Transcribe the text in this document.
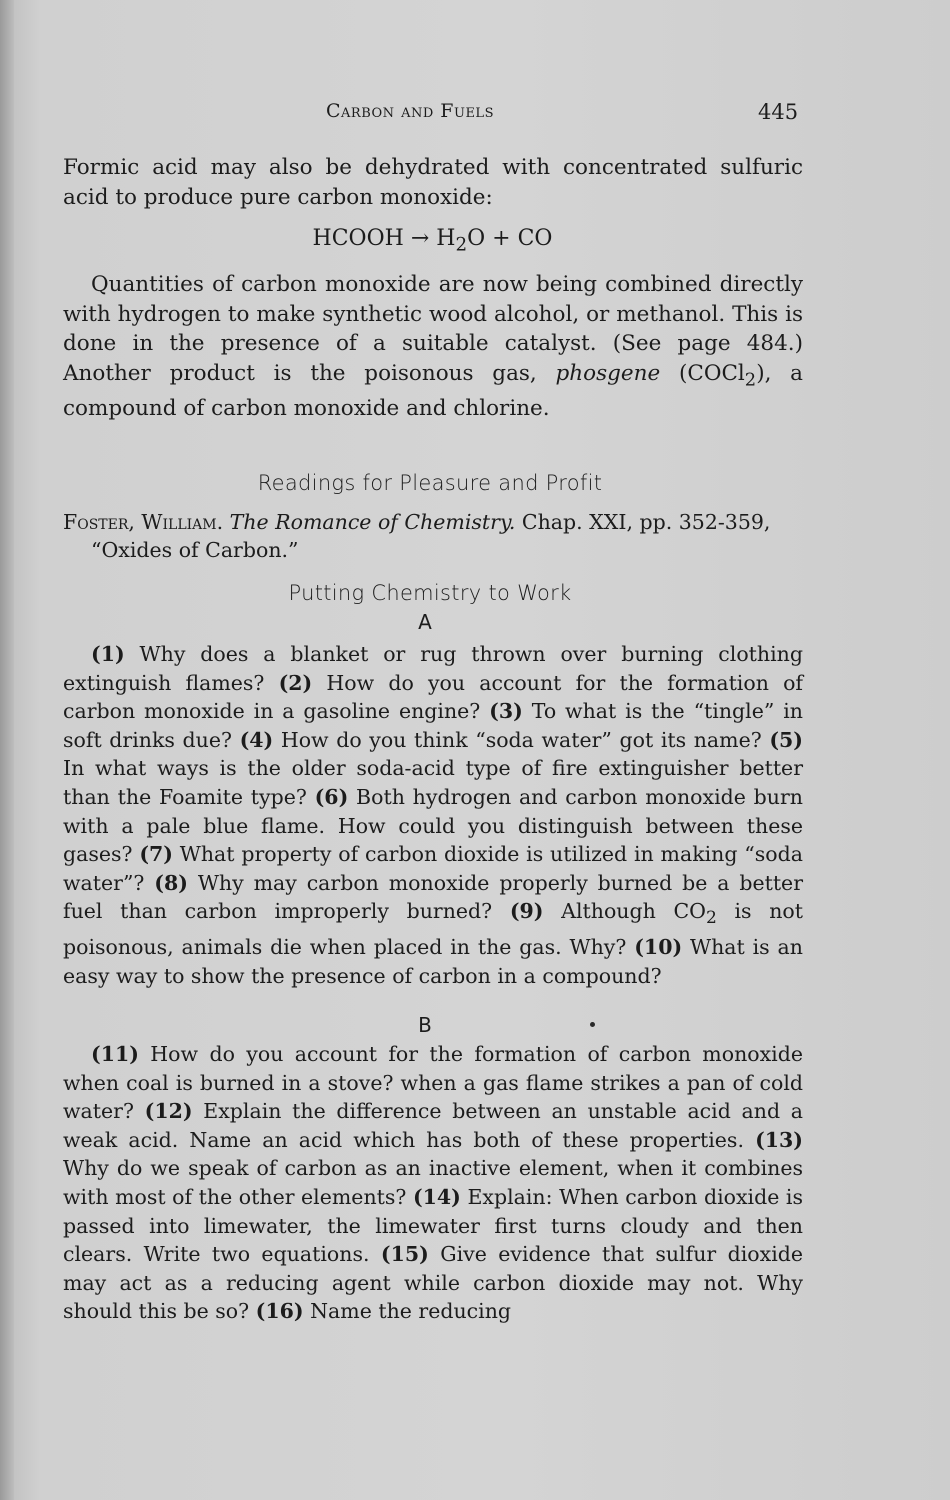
Carbon and Fuels	445
Formic acid may also be dehydrated with concentrated sulfuric acid to produce pure carbon monoxide:
HCOOH → $H_2O$ + CO
Quantities of carbon monoxide are now being combined directly with hydrogen to make synthetic wood alcohol, or methanol. This is done in the presence of a suitable catalyst. (See page 484.) Another product is the poisonous gas, phosgene (COCl$_2$), a compound of carbon monoxide and chlorine.
Readings for Pleasure and Profit
Foster, William. The Romance of Chemistry. Chap. XXI, pp. 352-359, “Oxides of Carbon.”
Putting Chemistry to Work
A
(1) Why does a blanket or rug thrown over burning clothing extinguish flames? (2) How do you account for the formation of carbon monoxide in a gasoline engine? (3) To what is the “tingle” in soft drinks due? (4) How do you think “soda water” got its name? (5) In what ways is the older soda-acid type of fire extinguisher better than the Foamite type? (6) Both hydrogen and carbon monoxide burn with a pale blue flame. How could you distinguish between these gases? (7) What property of carbon dioxide is utilized in making “soda water”? (8) Why may carbon monoxide properly burned be a better fuel than carbon improperly burned? (9) Although $CO_2$ is not poisonous, animals die when placed in the gas. Why? (10) What is an easy way to show the presence of carbon in a compound?
B
(11) How do you account for the formation of carbon monoxide when coal is burned in a stove? when a gas flame strikes a pan of cold water? (12) Explain the difference between an unstable acid and a weak acid. Name an acid which has both of these properties. (13) Why do we speak of carbon as an inactive element, when it combines with most of the other elements? (14) Explain: When carbon dioxide is passed into limewater, the limewater first turns cloudy and then clears. Write two equations. (15) Give evidence that sulfur dioxide may act as a reducing agent while carbon dioxide may not. Why should this be so? (16) Name the reducing
